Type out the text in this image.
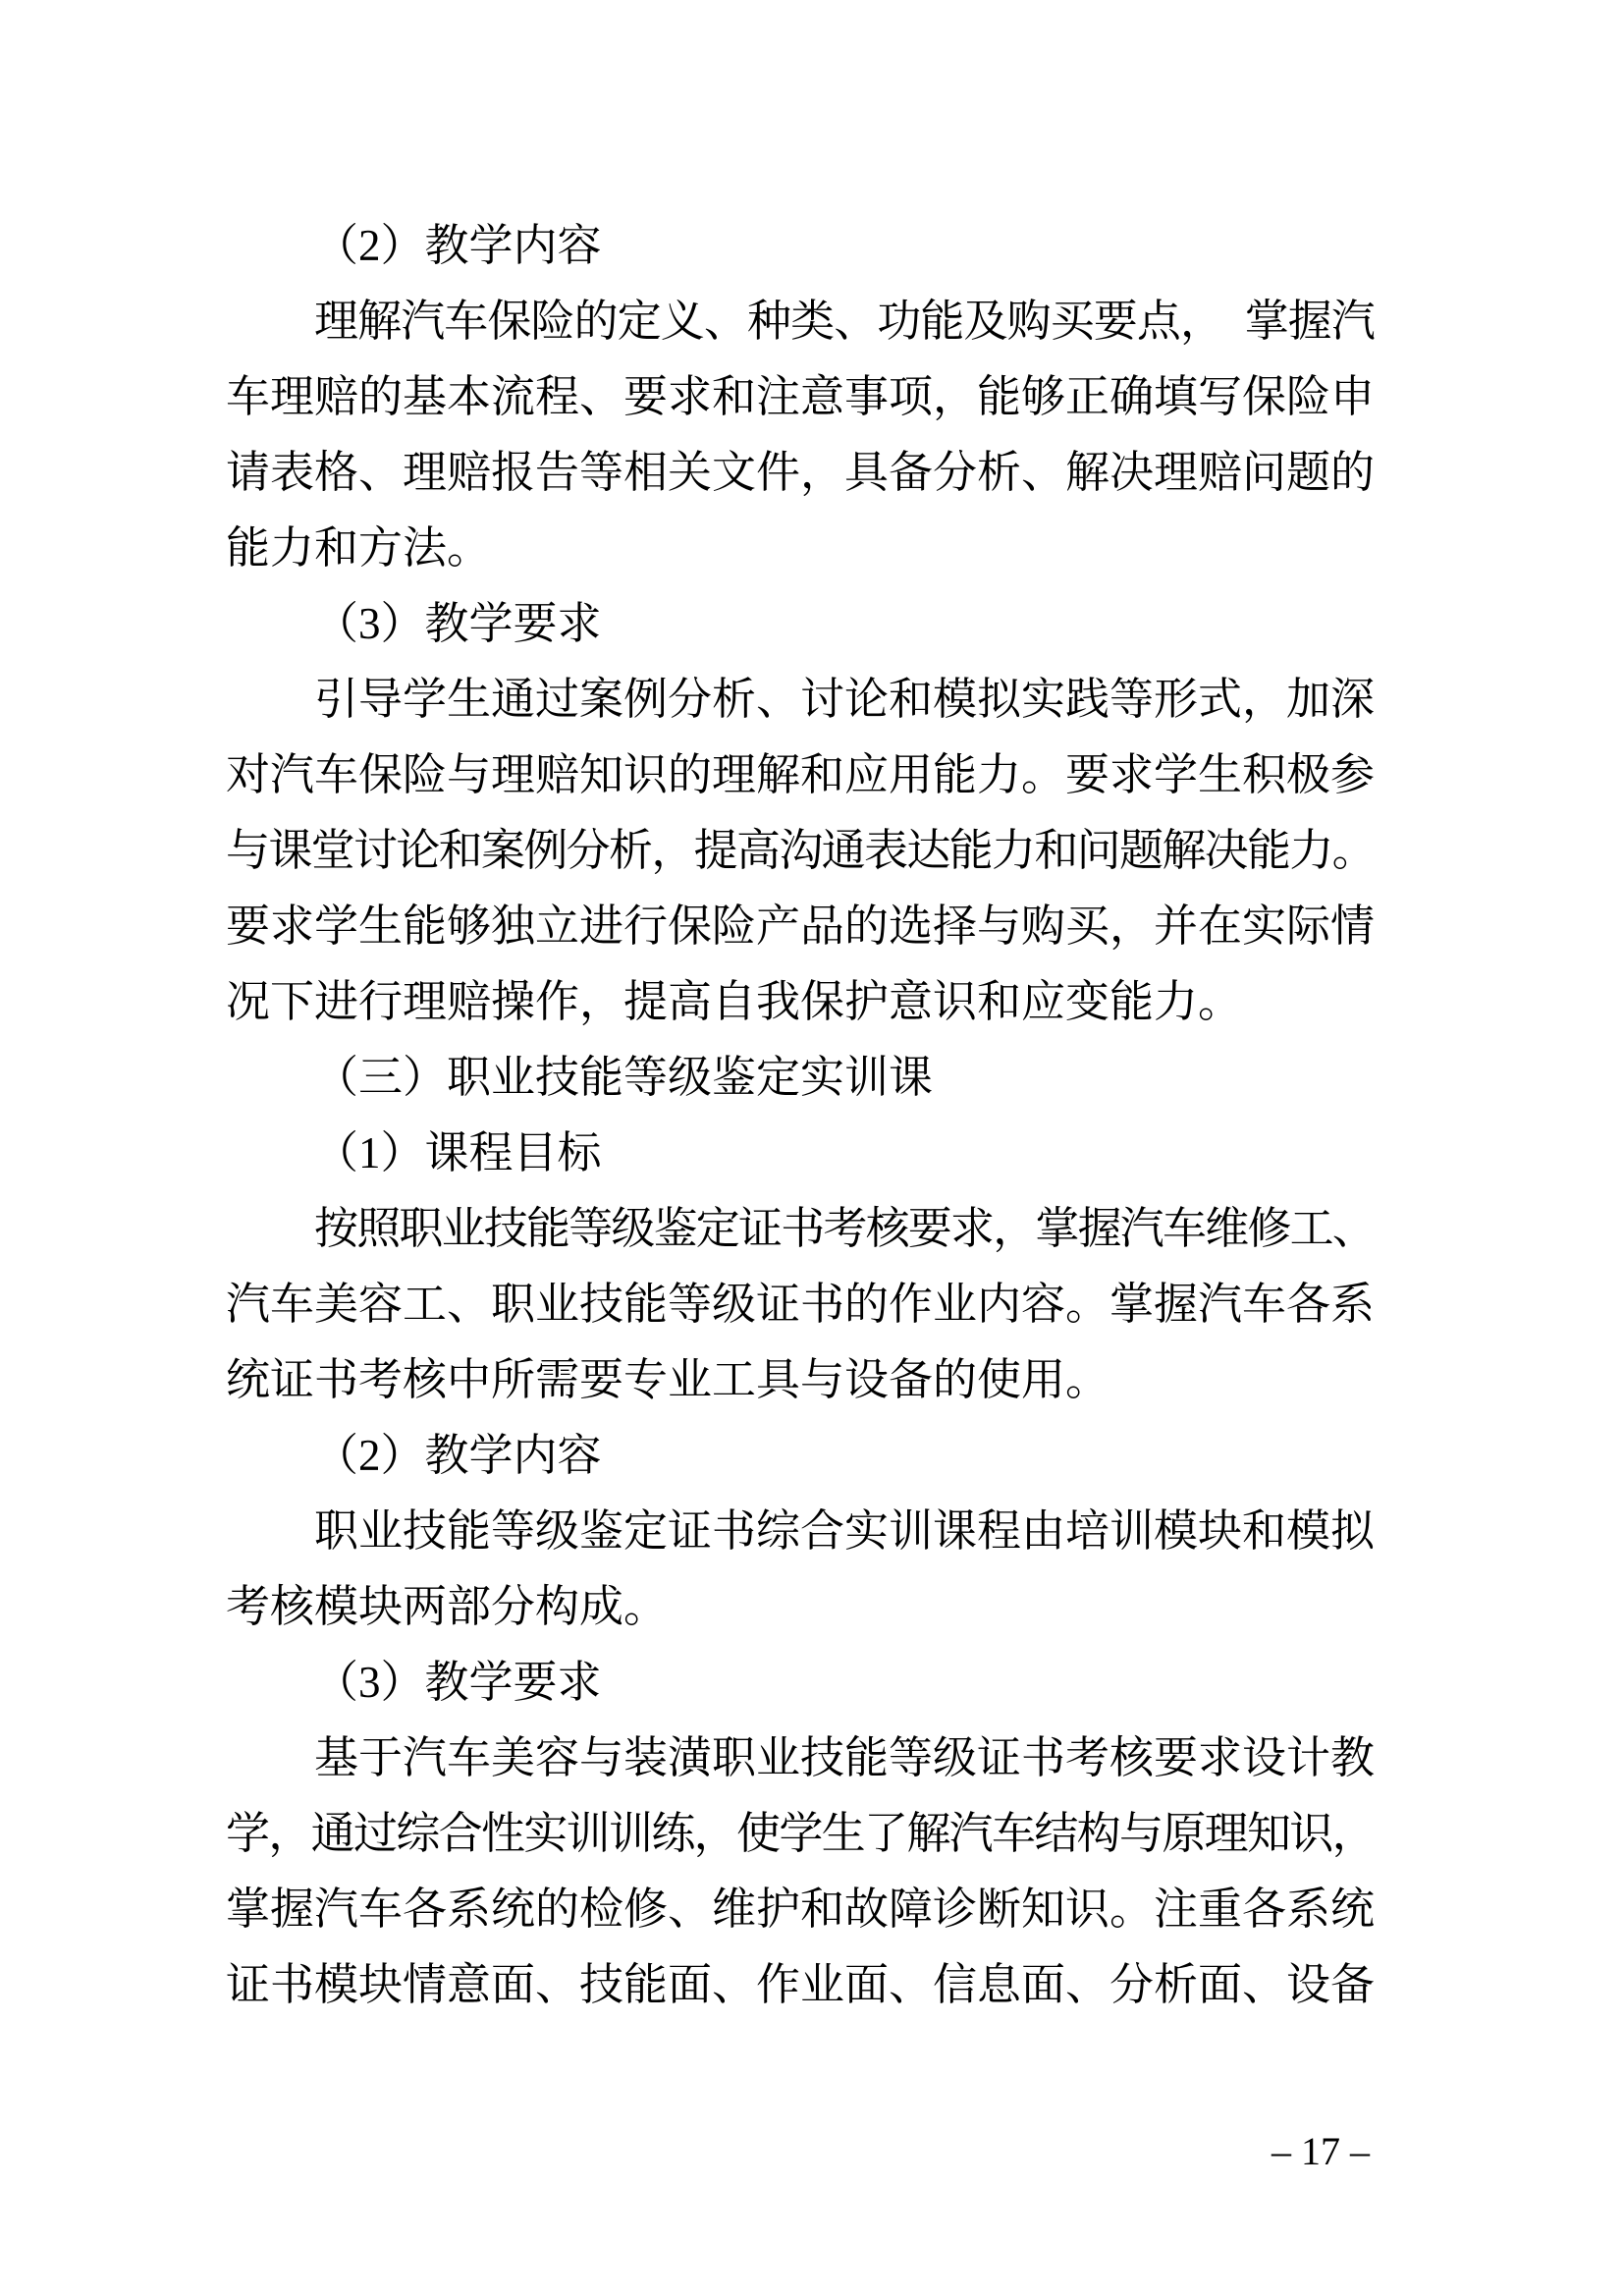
（2）教学内容
理解汽车保险的定义、种类、功能及购买要点，　掌握汽
车理赔的基本流程、要求和注意事项，能够正确填写保险申
请表格、理赔报告等相关文件，具备分析、解决理赔问题的
能力和方法。
（3）教学要求
引导学生通过案例分析、讨论和模拟实践等形式，加深
对汽车保险与理赔知识的理解和应用能力。要求学生积极参
与课堂讨论和案例分析，提高沟通表达能力和问题解决能力。
要求学生能够独立进行保险产品的选择与购买，并在实际情
况下进行理赔操作，提高自我保护意识和应变能力。
（三）职业技能等级鉴定实训课
（1）课程目标
按照职业技能等级鉴定证书考核要求，掌握汽车维修工、
汽车美容工、职业技能等级证书的作业内容。掌握汽车各系
统证书考核中所需要专业工具与设备的使用。
（2）教学内容
职业技能等级鉴定证书综合实训课程由培训模块和模拟
考核模块两部分构成。
（3）教学要求
基于汽车美容与装潢职业技能等级证书考核要求设计教
学，通过综合性实训训练，使学生了解汽车结构与原理知识，
掌握汽车各系统的检修、维护和故障诊断知识。注重各系统
证书模块情意面、技能面、作业面、信息面、分析面、设备
– 17 –
